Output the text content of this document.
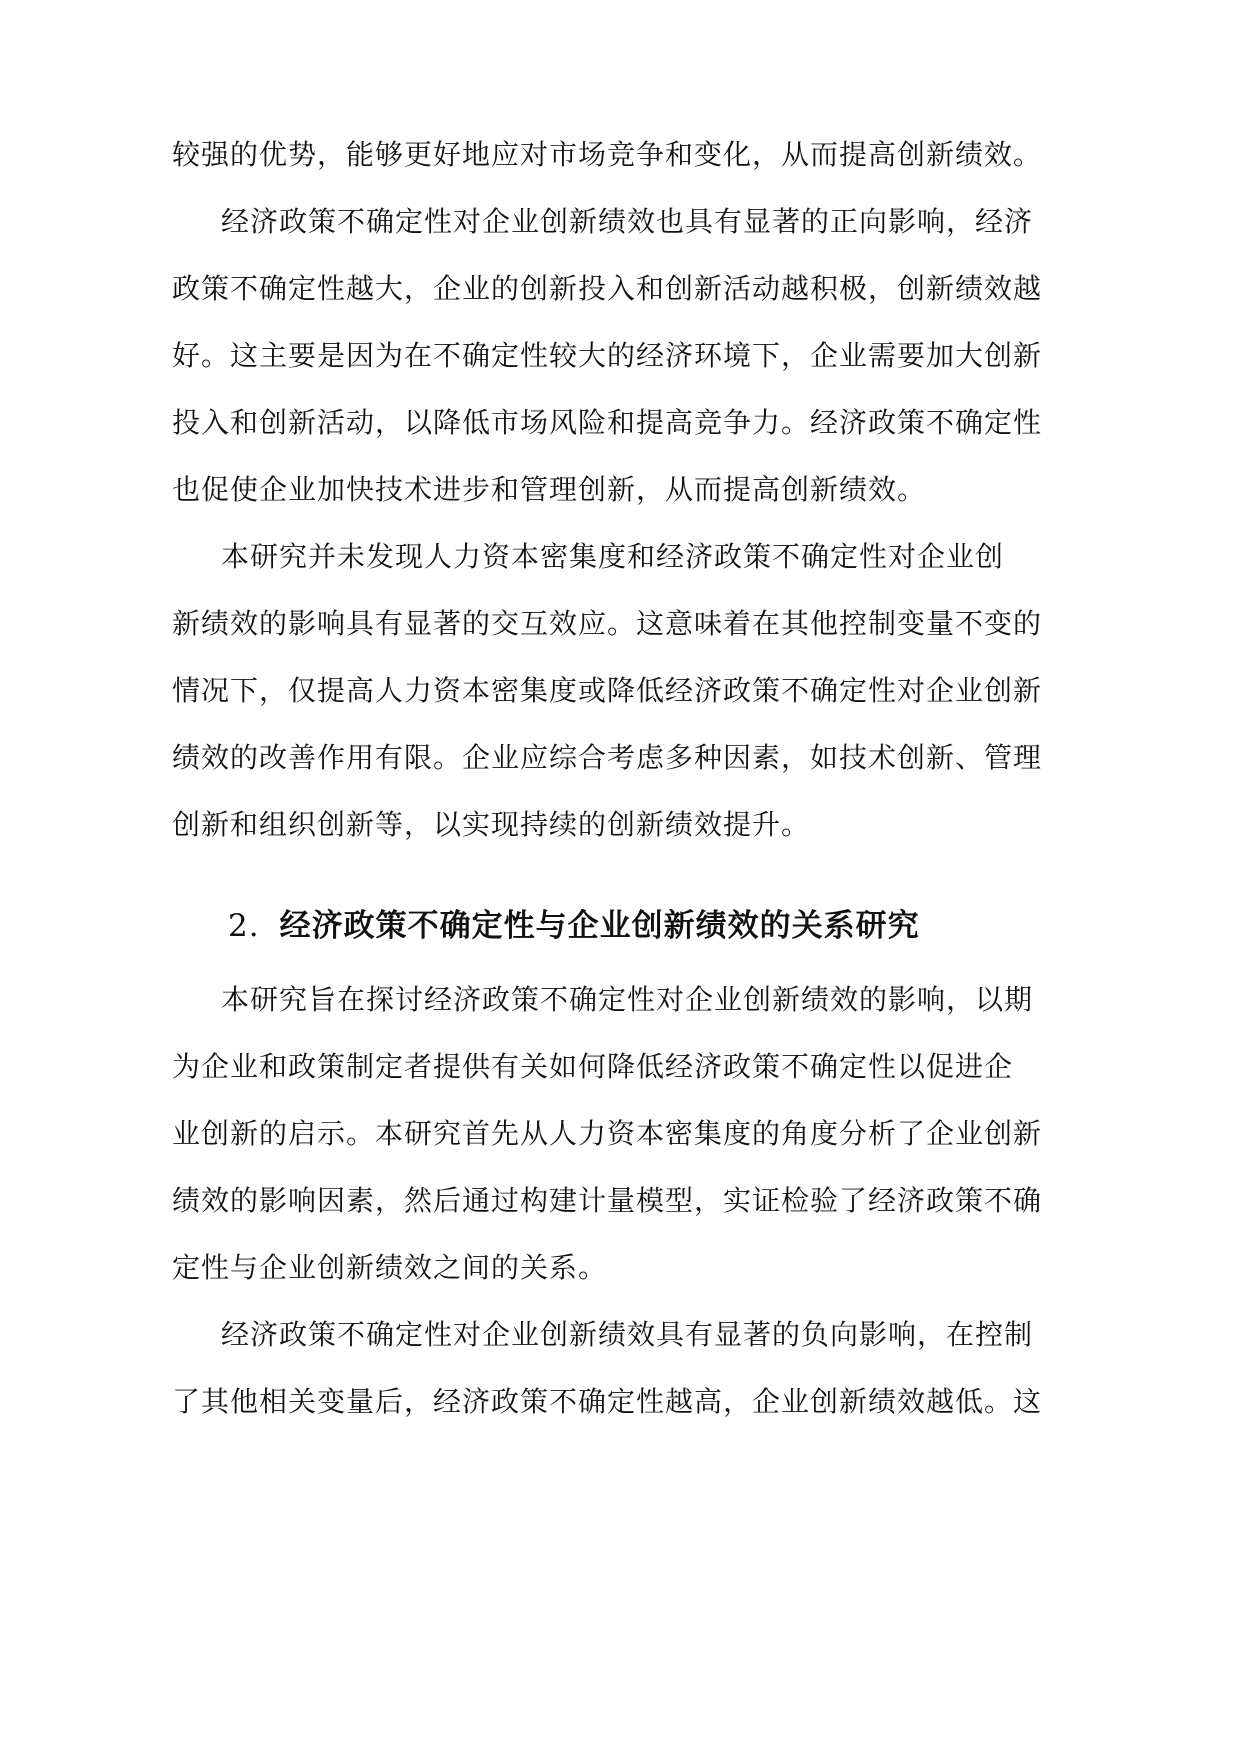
较强的优势，能够更好地应对市场竞争和变化，从而提高创新绩效。
经济政策不确定性对企业创新绩效也具有显著的正向影响，经济
政策不确定性越大，企业的创新投入和创新活动越积极，创新绩效越
好。这主要是因为在不确定性较大的经济环境下，企业需要加大创新
投入和创新活动，以降低市场风险和提高竞争力。经济政策不确定性
也促使企业加快技术进步和管理创新，从而提高创新绩效。
本研究并未发现人力资本密集度和经济政策不确定性对企业创
新绩效的影响具有显著的交互效应。这意味着在其他控制变量不变的
情况下，仅提高人力资本密集度或降低经济政策不确定性对企业创新
绩效的改善作用有限。企业应综合考虑多种因素，如技术创新、管理
创新和组织创新等，以实现持续的创新绩效提升。
2. 经济政策不确定性与企业创新绩效的关系研究
本研究旨在探讨经济政策不确定性对企业创新绩效的影响，以期
为企业和政策制定者提供有关如何降低经济政策不确定性以促进企
业创新的启示。本研究首先从人力资本密集度的角度分析了企业创新
绩效的影响因素，然后通过构建计量模型，实证检验了经济政策不确
定性与企业创新绩效之间的关系。
经济政策不确定性对企业创新绩效具有显著的负向影响，在控制
了其他相关变量后，经济政策不确定性越高，企业创新绩效越低。这
